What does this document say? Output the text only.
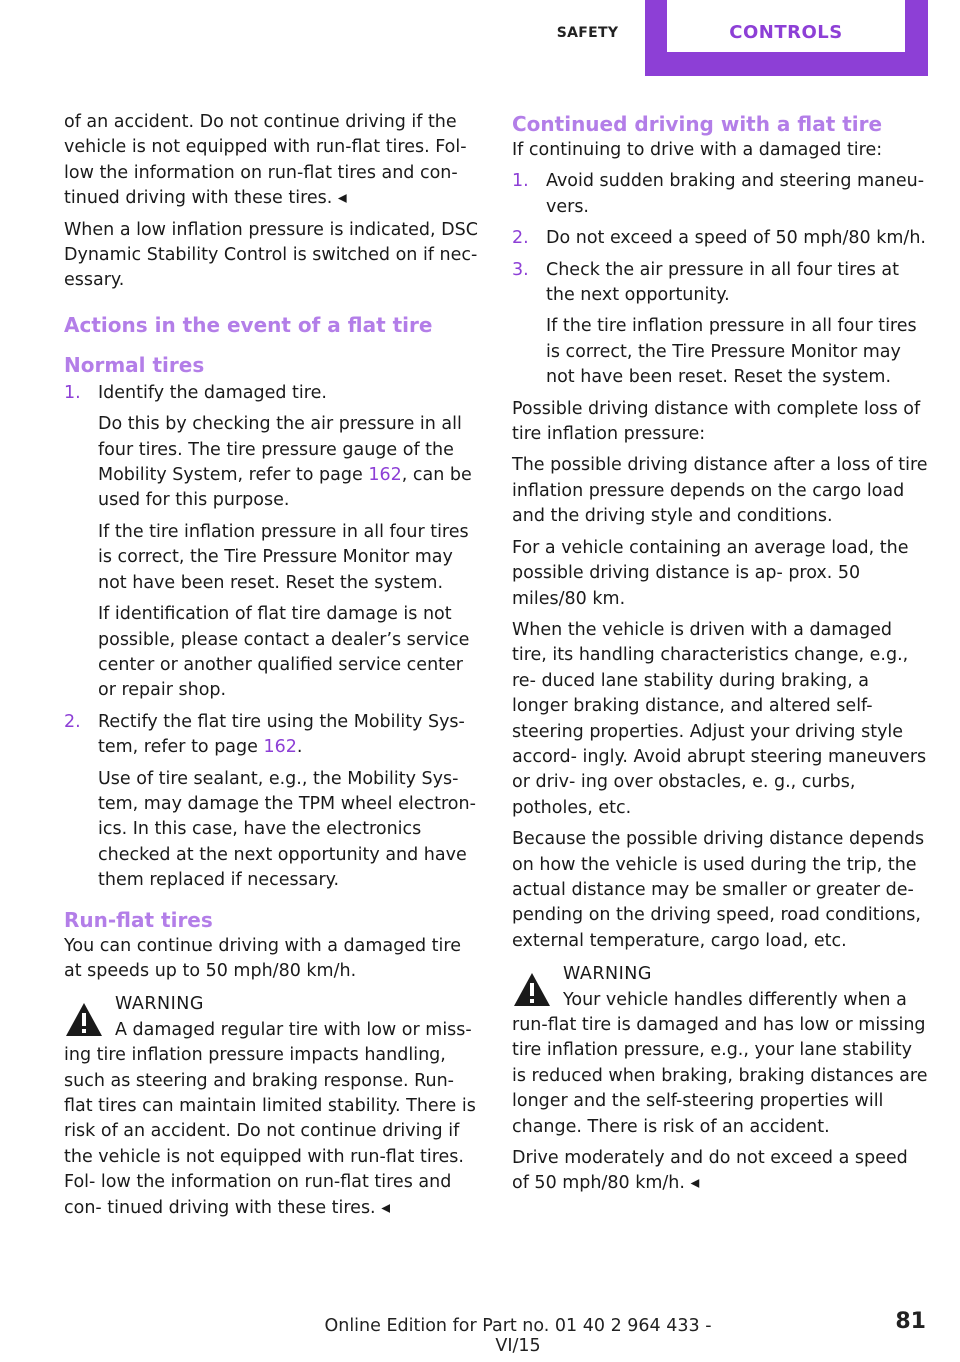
SAFETY	CONTROLS

of an accident. Do not continue driving if the vehicle is not equipped with run-flat tires. Fol‐ low the information on run-flat tires and con‐ tinued driving with these tires. ◂

When a low inflation pressure is indicated, DSC Dynamic Stability Control is switched on if nec‐ essary.

Actions in the event of a flat tire
Normal tires
1. Identify the damaged tire.

Do this by checking the air pressure in all four tires. The tire pressure gauge of the Mobility System, refer to page 162, can be used for this purpose.

If the tire inflation pressure in all four tires is correct, the Tire Pressure Monitor may not have been reset. Reset the system.

If identification of flat tire damage is not possible, please contact a dealer’s service center or another qualified service center or repair shop.

2. Rectify the flat tire using the Mobility Sys‐ tem, refer to page 162.

Use of tire sealant, e.g., the Mobility Sys‐ tem, may damage the TPM wheel electron‐ ics. In this case, have the electronics checked at the next opportunity and have them replaced if necessary.

Run-flat tires

You can continue driving with a damaged tire at speeds up to 50 mph/80 km/h.

WARNING
A damaged regular tire with low or miss‐
ing tire inflation pressure impacts handling, such as steering and braking response. Run-flat tires can maintain limited stability. There is risk of an accident. Do not continue driving if the vehicle is not equipped with run-flat tires. Fol‐ low the information on run-flat tires and con‐ tinued driving with these tires. ◂
Continued driving with a flat tire

If continuing to drive with a damaged tire:

1. Avoid sudden braking and steering maneu‐ vers.

2. Do not exceed a speed of 50 mph/80 km/h.

3. Check the air pressure in all four tires at the next opportunity.

If the tire inflation pressure in all four tires is correct, the Tire Pressure Monitor may not have been reset. Reset the system.

Possible driving distance with complete loss of tire inflation pressure:

The possible driving distance after a loss of tire inflation pressure depends on the cargo load and the driving style and conditions.

For a vehicle containing an average load, the possible driving distance is ap‐ prox. 50 miles/80 km.

When the vehicle is driven with a damaged tire, its handling characteristics change, e.g., re‐ duced lane stability during braking, a longer braking distance, and altered self-steering properties. Adjust your driving style accord‐ ingly. Avoid abrupt steering maneuvers or driv‐ ing over obstacles, e. g., curbs, potholes, etc.

Because the possible driving distance depends on how the vehicle is used during the trip, the actual distance may be smaller or greater de‐ pending on the driving speed, road conditions, external temperature, cargo load, etc.

WARNING
Your vehicle handles differently when a
run-flat tire is damaged and has low or missing tire inflation pressure, e.g., your lane stability is reduced when braking, braking distances are longer and the self-steering properties will change. There is risk of an accident.
Drive moderately and do not exceed a speed of 50 mph/80 km/h. ◂
Online Edition for Part no. 01 40 2 964 433 - VI/15
81
